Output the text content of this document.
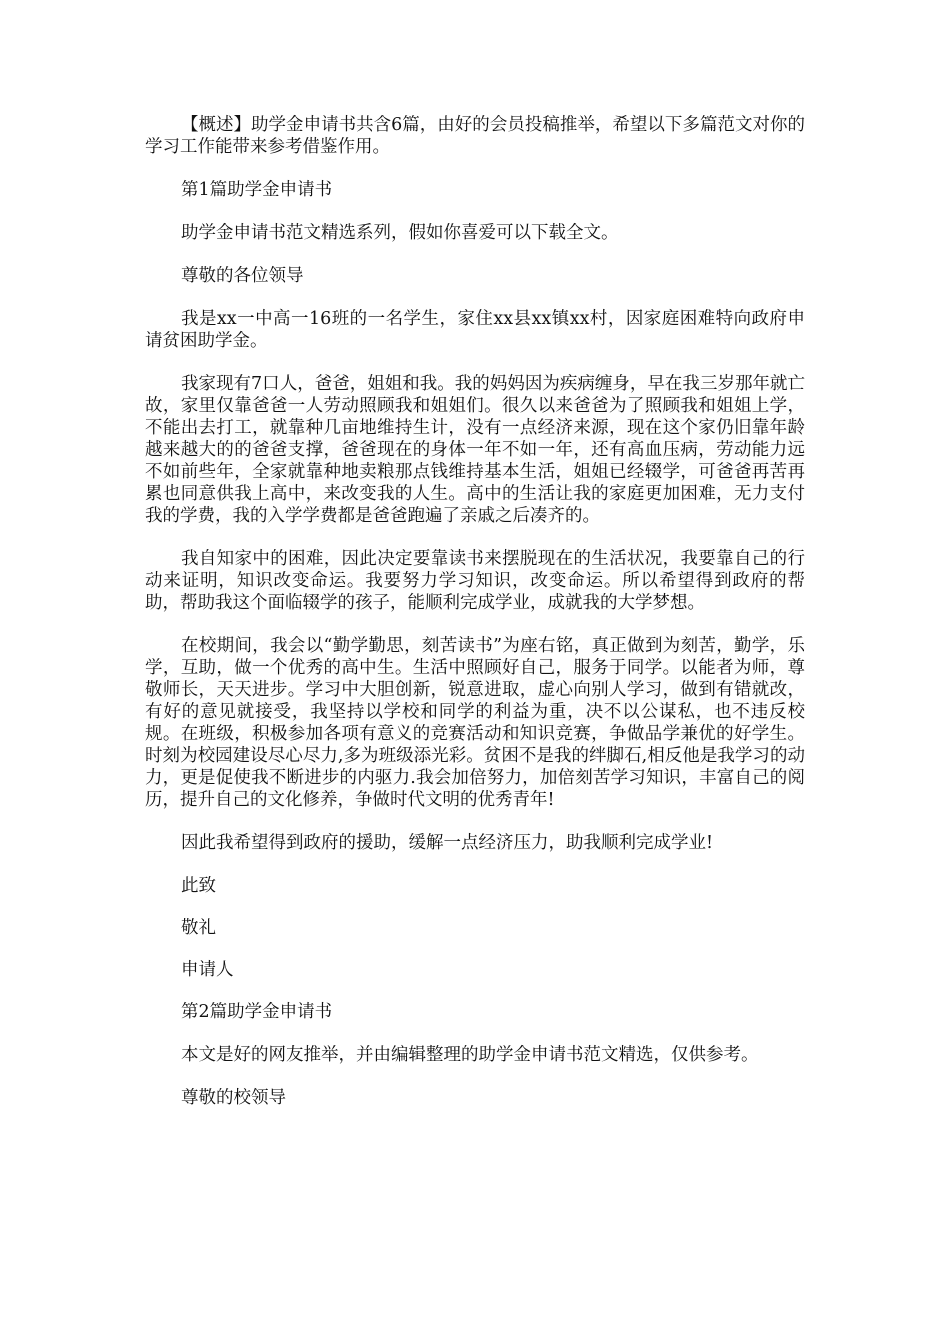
【概述】助学金申请书共含6篇，由好的会员投稿推举，希望以下多篇范文对你的学习工作能带来参考借鉴作用。

第1篇助学金申请书

助学金申请书范文精选系列，假如你喜爱可以下载全文。

尊敬的各位领导

我是xx一中高一16班的一名学生，家住xx县xx镇xx村，因家庭困难特向政府申请贫困助学金。

我家现有7口人，爸爸，姐姐和我。我的妈妈因为疾病缠身，早在我三岁那年就亡故，家里仅靠爸爸一人劳动照顾我和姐姐们。很久以来爸爸为了照顾我和姐姐上学，不能出去打工，就靠种几亩地维持生计，没有一点经济来源，现在这个家仍旧靠年龄越来越大的的爸爸支撑，爸爸现在的身体一年不如一年，还有高血压病，劳动能力远不如前些年，全家就靠种地卖粮那点钱维持基本生活，姐姐已经辍学，可爸爸再苦再累也同意供我上高中，来改变我的人生。高中的生活让我的家庭更加困难，无力支付我的学费，我的入学学费都是爸爸跑遍了亲戚之后凑齐的。

我自知家中的困难，因此决定要靠读书来摆脱现在的生活状况，我要靠自己的行动来证明，知识改变命运。我要努力学习知识，改变命运。所以希望得到政府的帮助，帮助我这个面临辍学的孩子，能顺利完成学业，成就我的大学梦想。

在校期间，我会以“勤学勤思，刻苦读书”为座右铭，真正做到为刻苦，勤学，乐学，互助，做一个优秀的高中生。生活中照顾好自己，服务于同学。以能者为师，尊敬师长，天天进步。学习中大胆创新，锐意进取，虚心向别人学习，做到有错就改，有好的意见就接受，我坚持以学校和同学的利益为重，决不以公谋私，也不违反校规。在班级，积极参加各项有意义的竞赛活动和知识竞赛，争做品学兼优的好学生。时刻为校园建设尽心尽力,多为班级添光彩。贫困不是我的绊脚石,相反他是我学习的动力，更是促使我不断进步的内驱力.我会加倍努力，加倍刻苦学习知识，丰富自己的阅历，提升自己的文化修养，争做时代文明的优秀青年!

因此我希望得到政府的援助，缓解一点经济压力，助我顺利完成学业!

此致

敬礼

申请人

第2篇助学金申请书

本文是好的网友推举，并由编辑整理的助学金申请书范文精选，仅供参考。

尊敬的校领导
